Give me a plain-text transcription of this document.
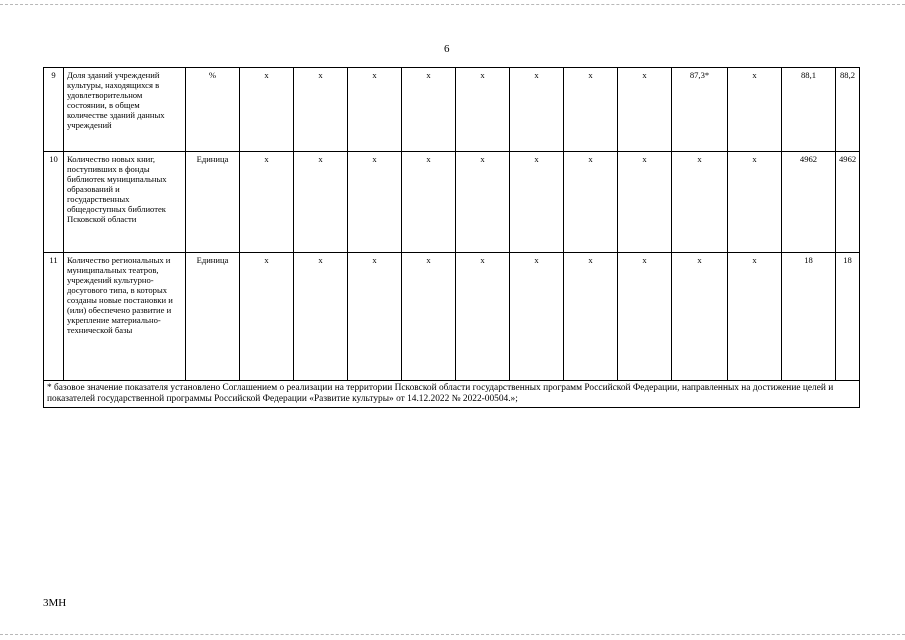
6
9	Доля зданий учреждений культуры, находящихся в удовлетворительном состоянии, в общем количестве зданий данных учреждений	%	x	x	x	x	x	x	x	x	87,3*	x	88,1	88,2
10	Количество новых книг, поступивших в фонды библиотек муниципальных образований и государственных общедоступных библиотек Псковской области	Единица	x	x	x	x	x	x	x	x	x	x	4962	4962
11	Количество региональных и муниципальных театров, учреждений культурно-досугового типа, в которых созданы новые постановки и (или) обеспечено развитие и укрепление материально-технической базы	Единица	x	x	x	x	x	x	x	x	x	x	18	18
* базовое значение показателя установлено Соглашением о реализации на территории Псковской области государственных программ Российской Федерации, направленных на достижение целей и показателей государственной программы Российской Федерации «Развитие культуры» от 14.12.2022 № 2022-00504.»;														
3МН
